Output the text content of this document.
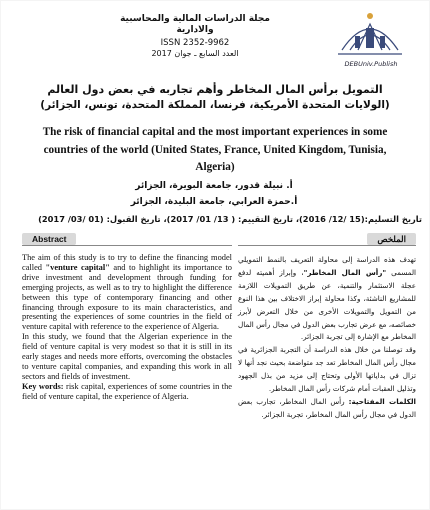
مجلة الدراسات المالية والمحاسبية والادارية
ISSN 2352-9962
العدد السابع ـ جوان 2017
DEBUniv.Publish
التمويل برأس المال المخاطر وأهم تجاربه في بعض دول العالم
(الولايات المتحدة الأمريكية، فرنسا، المملكة المتحدة، تونس، الجزائر)
The risk of financial capital and the most important experiences in some countries of the world (United States, France, United Kingdom, Tunisia, Algeria)
أ. نبيلة قدور، جامعة البويرة، الجزائر
أ.حمزة العرابي، جامعة البليدة، الجزائر
تاريخ التسليم:(15 /12/ 2016)، تاريخ التقييم: ( 13/ 01/ 2017)، تاريخ القبول: (01 /03/ 2017)
Abstract

The aim of this study is to try to define the financing model called "venture capital" and to highlight its importance to drive investment and development through funding for emerging projects, as well as to try to highlight the difference between this type of contemporary financing and other financing through exposure to its main characteristics, and presenting the experiences of some countries in the field of venture capital with reference to the experience of Algeria.

In this study, we found that the Algerian experience in the field of venture capital is very modest so that it is still in its early stages and needs more efforts, overcoming the obstacles to venture capital companies, and expanding this work in all sectors and fields of investment.

Key words: risk capital, experiences of some countries in the field of venture capital, the experience of Algeria.

الملخص

تهدف هذه الدراسة إلى محاولة التعريف بالنمط التمويلي المسمى "رأس المال المخاطر"، وإبراز أهميته لدفع عجلة الاستثمار والتنمية، عن طريق التمويلات اللازمة للمشاريع الناشئة، وكذا محاولة إبراز الاختلاف بين هذا النوع من التمويل والتمويلات الأخرى من خلال التعرض لأبرز خصائصه، مع عرض تجارب بعض الدول في مجال رأس المال المخاطر مع الإشارة إلى تجربة الجزائر.

وقد توصلنا من خلال هذه الدراسة أن التجربة الجزائرية في مجال رأس المال المخاطر تعد جد متواضعة بحيث نجد أنها لا تزال في بداياتها الأولى وتحتاج إلى مزيد من بذل الجهود وتذليل العقبات أمام شركات رأس المال المخاطر.

الكلمات المفتاحية: رأس المال المخاطر، تجارب بعض الدول في مجال رأس المال المخاطر، تجربة الجزائر.
